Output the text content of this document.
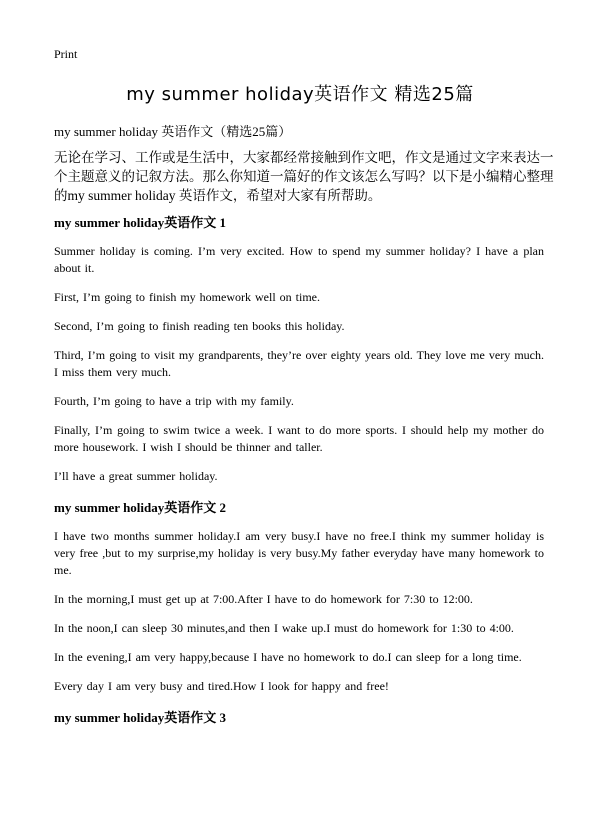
Print
my summer holiday英语作文 精选25篇
my summer holiday 英语作文（精选25篇）
无论在学习、工作或是生活中，大家都经常接触到作文吧，作文是通过文字来表达一个主题意义的记叙方法。那么你知道一篇好的作文该怎么写吗？以下是小编精心整理的my summer holiday 英语作文，希望对大家有所帮助。
my summer holiday英语作文 1

Summer holiday is coming. I’m very excited. How to spend my summer holiday? I have a plan about it.

First, I’m going to finish my homework well on time.

Second, I’m going to finish reading ten books this holiday.

Third, I’m going to visit my grandparents, they’re over eighty years old. They love me very much. I miss them very much.

Fourth, I’m going to have a trip with my family.

Finally, I’m going to swim twice a week. I want to do more sports. I should help my mother do more housework. I wish I should be thinner and taller.

I’ll have a great summer holiday.

my summer holiday英语作文 2

I have two months summer holiday.I am very busy.I have no free.I think my summer holiday is very free ,but to my surprise,my holiday is very busy.My father everyday have many homework to me.

In the morning,I must get up at 7:00.After I have to do homework for 7:30 to 12:00.

In the noon,I can sleep 30 minutes,and then I wake up.I must do homework for 1:30 to 4:00.

In the evening,I am very happy,because I have no homework to do.I can sleep for a long time.

Every day I am very busy and tired.How I look for happy and free!

my summer holiday英语作文 3
